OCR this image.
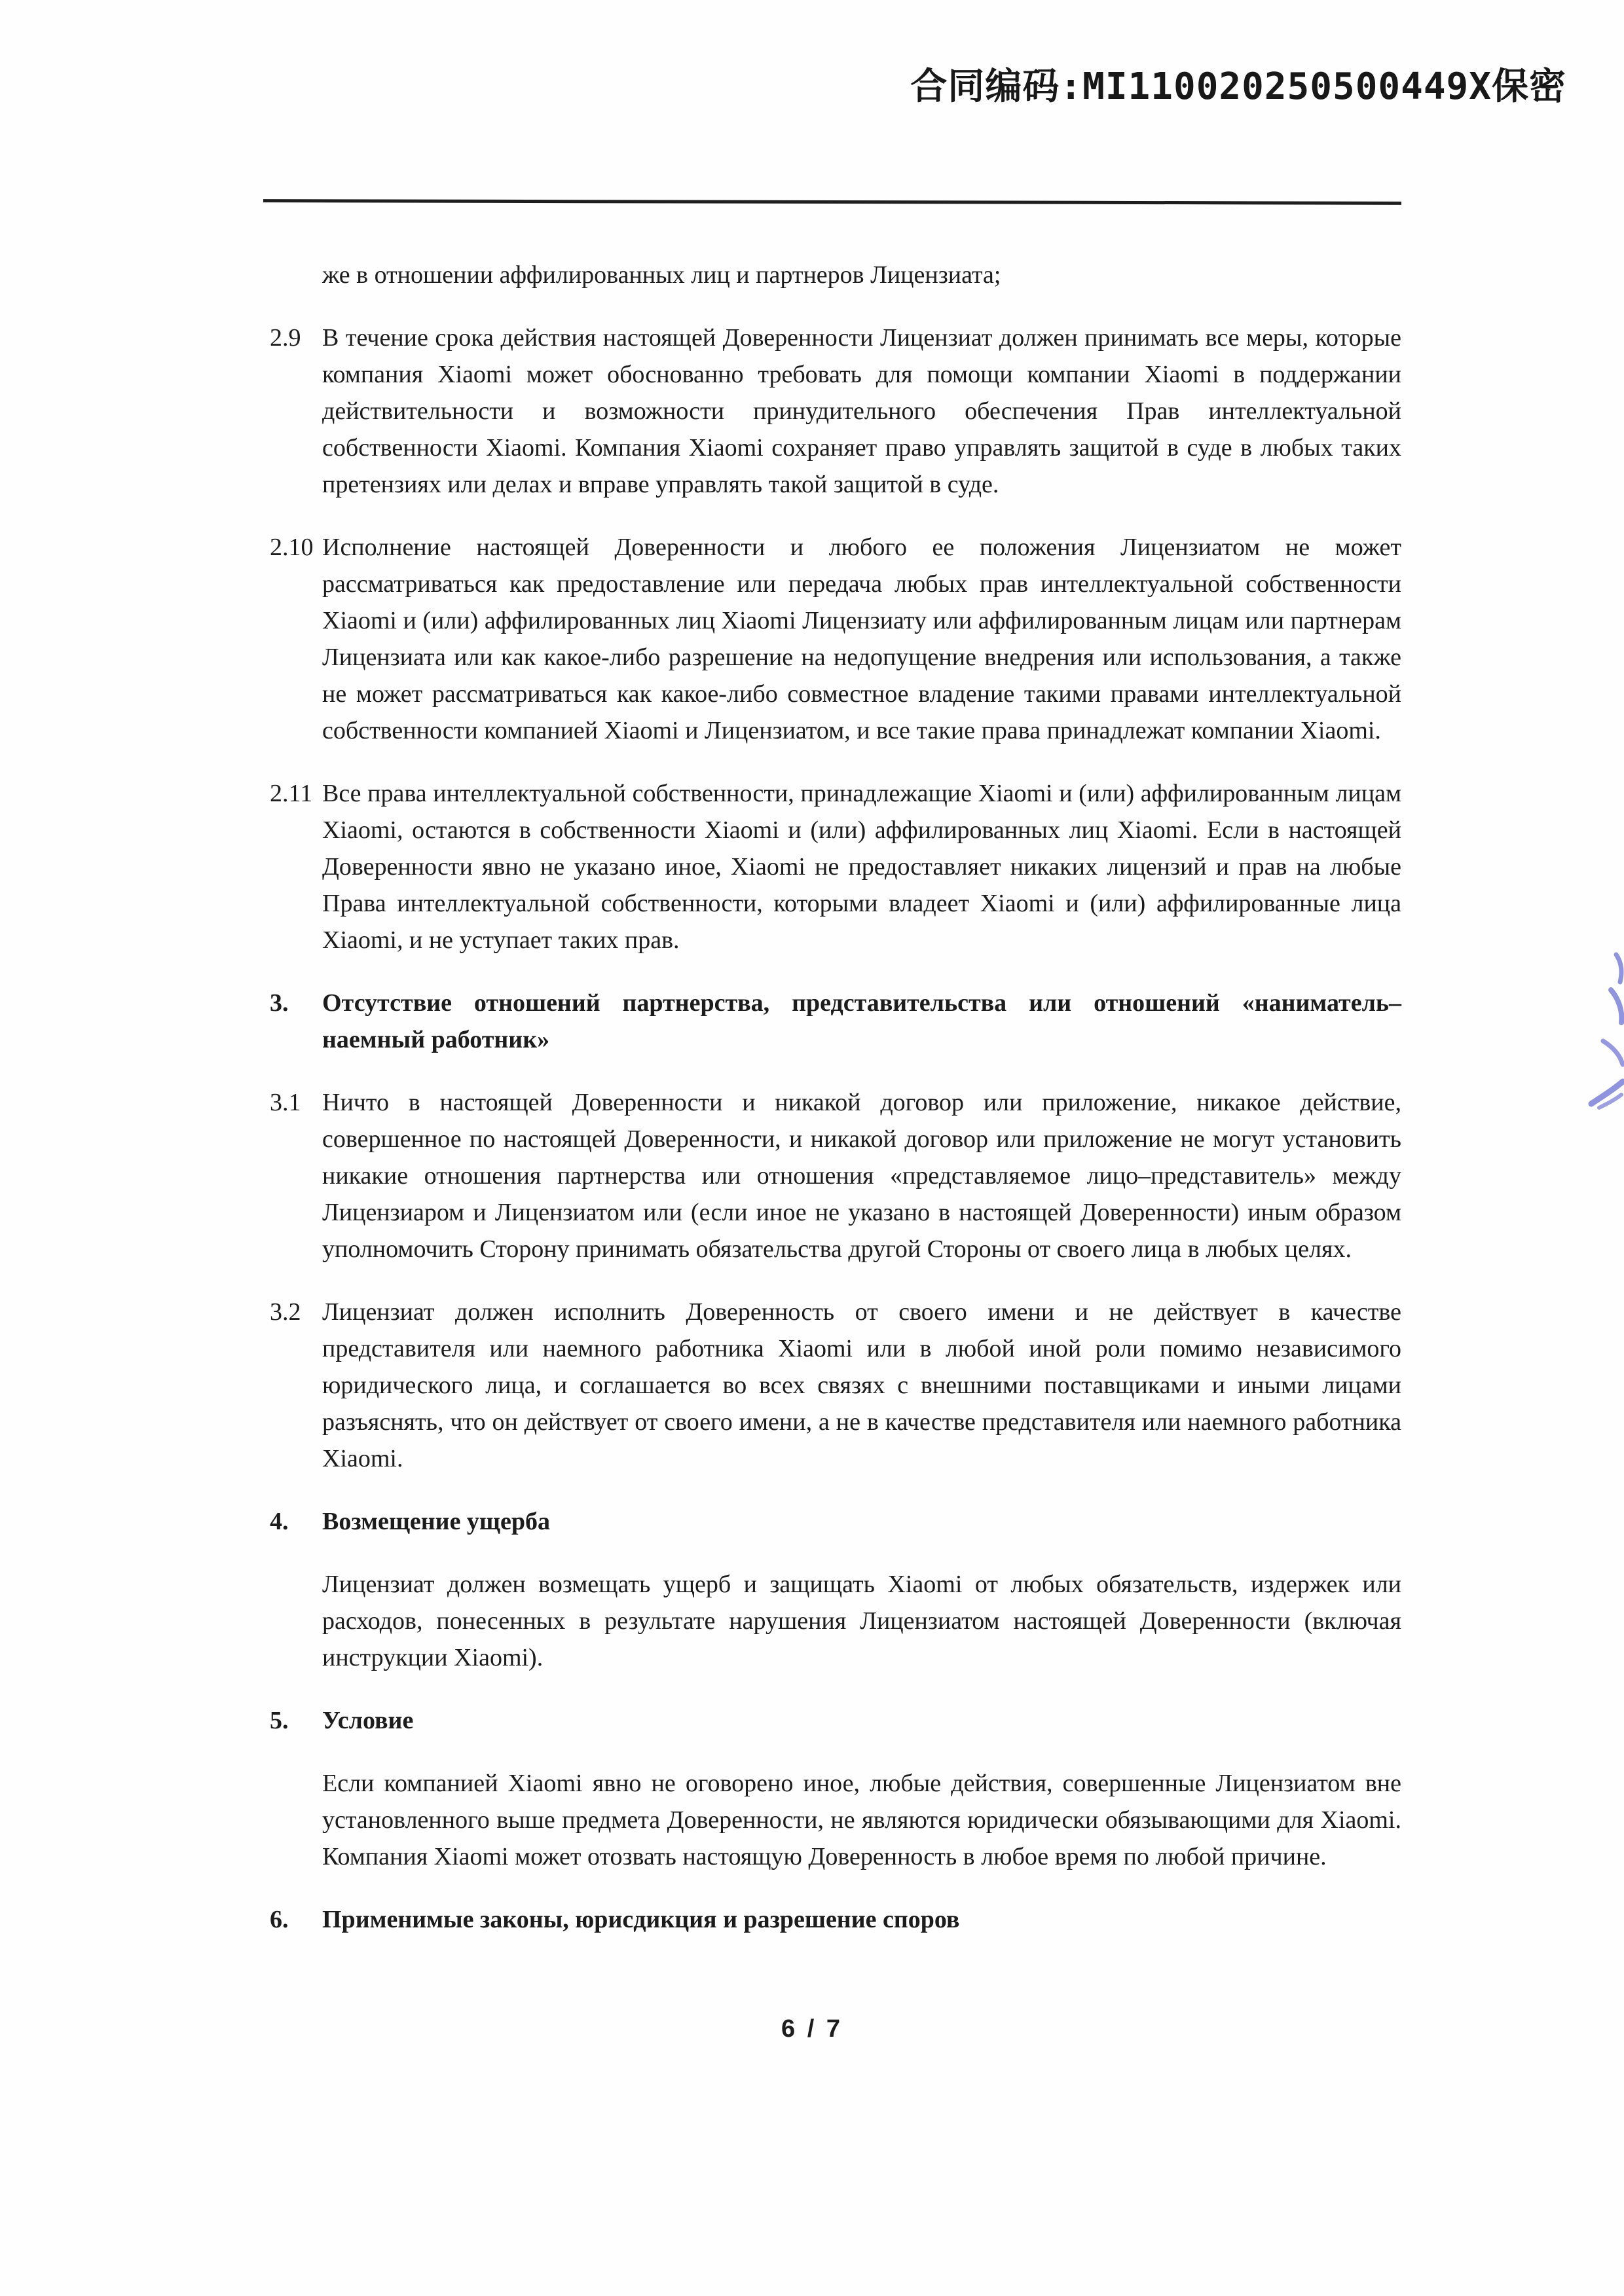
合同编码:MI110020250500449X保密
же в отношении аффилированных лиц и партнеров Лицензиата;
2.9 В течение срока действия настоящей Доверенности Лицензиат должен принимать все меры, которые компания Xiaomi может обоснованно требовать для помощи компании Xiaomi в поддержании действительности и возможности принудительного обеспечения Прав интеллектуальной собственности Xiaomi. Компания Xiaomi сохраняет право управлять защитой в суде в любых таких претензиях или делах и вправе управлять такой защитой в суде.
2.10 Исполнение настоящей Доверенности и любого ее положения Лицензиатом не может рассматриваться как предоставление или передача любых прав интеллектуальной собственности Xiaomi и (или) аффилированных лиц Xiaomi Лицензиату или аффилированным лицам или партнерам Лицензиата или как какое-либо разрешение на недопущение внедрения или использования, а также не может рассматриваться как какое-либо совместное владение такими правами интеллектуальной собственности компанией Xiaomi и Лицензиатом, и все такие права принадлежат компании Xiaomi.
2.11 Все права интеллектуальной собственности, принадлежащие Xiaomi и (или) аффилированным лицам Xiaomi, остаются в собственности Xiaomi и (или) аффилированных лиц Xiaomi. Если в настоящей Доверенности явно не указано иное, Xiaomi не предоставляет никаких лицензий и прав на любые Права интеллектуальной собственности, которыми владеет Xiaomi и (или) аффилированные лица Xiaomi, и не уступает таких прав.
3. Отсутствие отношений партнерства, представительства или отношений «наниматель–наемный работник»
3.1 Ничто в настоящей Доверенности и никакой договор или приложение, никакое действие, совершенное по настоящей Доверенности, и никакой договор или приложение не могут установить никакие отношения партнерства или отношения «представляемое лицо–представитель» между Лицензиаром и Лицензиатом или (если иное не указано в настоящей Доверенности) иным образом уполномочить Сторону принимать обязательства другой Стороны от своего лица в любых целях.
3.2 Лицензиат должен исполнить Доверенность от своего имени и не действует в качестве представителя или наемного работника Xiaomi или в любой иной роли помимо независимого юридического лица, и соглашается во всех связях с внешними поставщиками и иными лицами разъяснять, что он действует от своего имени, а не в качестве представителя или наемного работника Xiaomi.
4. Возмещение ущерба
Лицензиат должен возмещать ущерб и защищать Xiaomi от любых обязательств, издержек или расходов, понесенных в результате нарушения Лицензиатом настоящей Доверенности (включая инструкции Xiaomi).
5. Условие
Если компанией Xiaomi явно не оговорено иное, любые действия, совершенные Лицензиатом вне установленного выше предмета Доверенности, не являются юридически обязывающими для Xiaomi. Компания Xiaomi может отозвать настоящую Доверенность в любое время по любой причине.
6. Применимые законы, юрисдикция и разрешение споров
6 / 7
